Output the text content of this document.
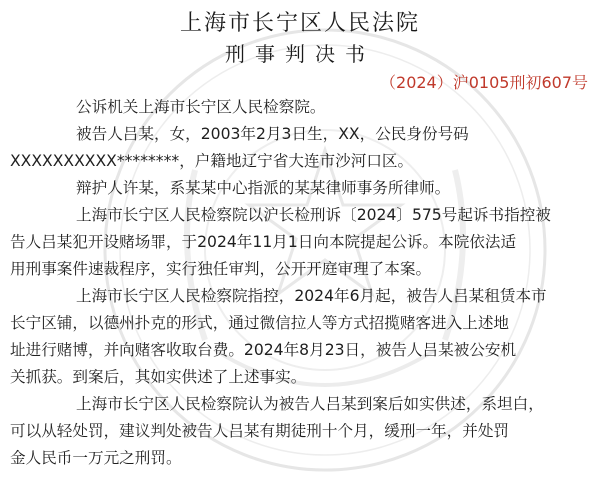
上海市长宁区人民法院
刑事判决书
（2024）沪0105刑初607号

公诉机关上海市长宁区人民检察院。

被告人吕某，女，2003年2月3日生，XX，公民身份号码

XXXXXXXXXX********，户籍地辽宁省大连市沙河口区。

辩护人许某，系某某中心指派的某某律师事务所律师。

上海市长宁区人民检察院以沪长检刑诉〔2024〕575号起诉书指控被

告人吕某犯开设赌场罪，于2024年11月1日向本院提起公诉。本院依法适

用刑事案件速裁程序，实行独任审判，公开开庭审理了本案。

上海市长宁区人民检察院指控，2024年6月起，被告人吕某租赁本市

长宁区铺，以德州扑克的形式，通过微信拉人等方式招揽赌客进入上述地

址进行赌博，并向赌客收取台费。2024年8月23日，被告人吕某被公安机

关抓获。到案后，其如实供述了上述事实。

上海市长宁区人民检察院认为被告人吕某到案后如实供述，系坦白，

可以从轻处罚，建议判处被告人吕某有期徒刑十个月，缓刑一年，并处罚

金人民币一万元之刑罚。
